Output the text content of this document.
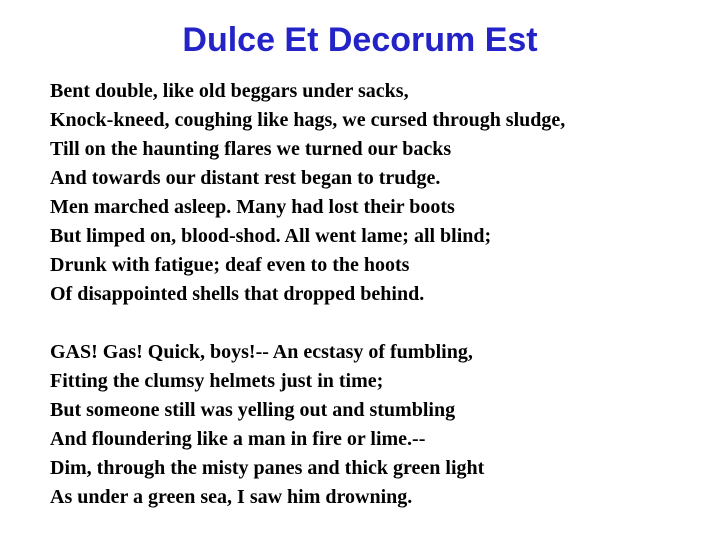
Dulce Et Decorum Est
Bent double, like old beggars under sacks,
Knock-kneed, coughing like hags, we cursed through sludge,
Till on the haunting flares we turned our backs
And towards our distant rest began to trudge.
Men marched asleep. Many had lost their boots
But limped on, blood-shod. All went lame; all blind;
Drunk with fatigue; deaf even to the hoots
Of disappointed shells that dropped behind.
GAS! Gas! Quick, boys!-- An ecstasy of fumbling,
Fitting the clumsy helmets just in time;
But someone still was yelling out and stumbling
And floundering like a man in fire or lime.--
Dim, through the misty panes and thick green light
As under a green sea, I saw him drowning.
